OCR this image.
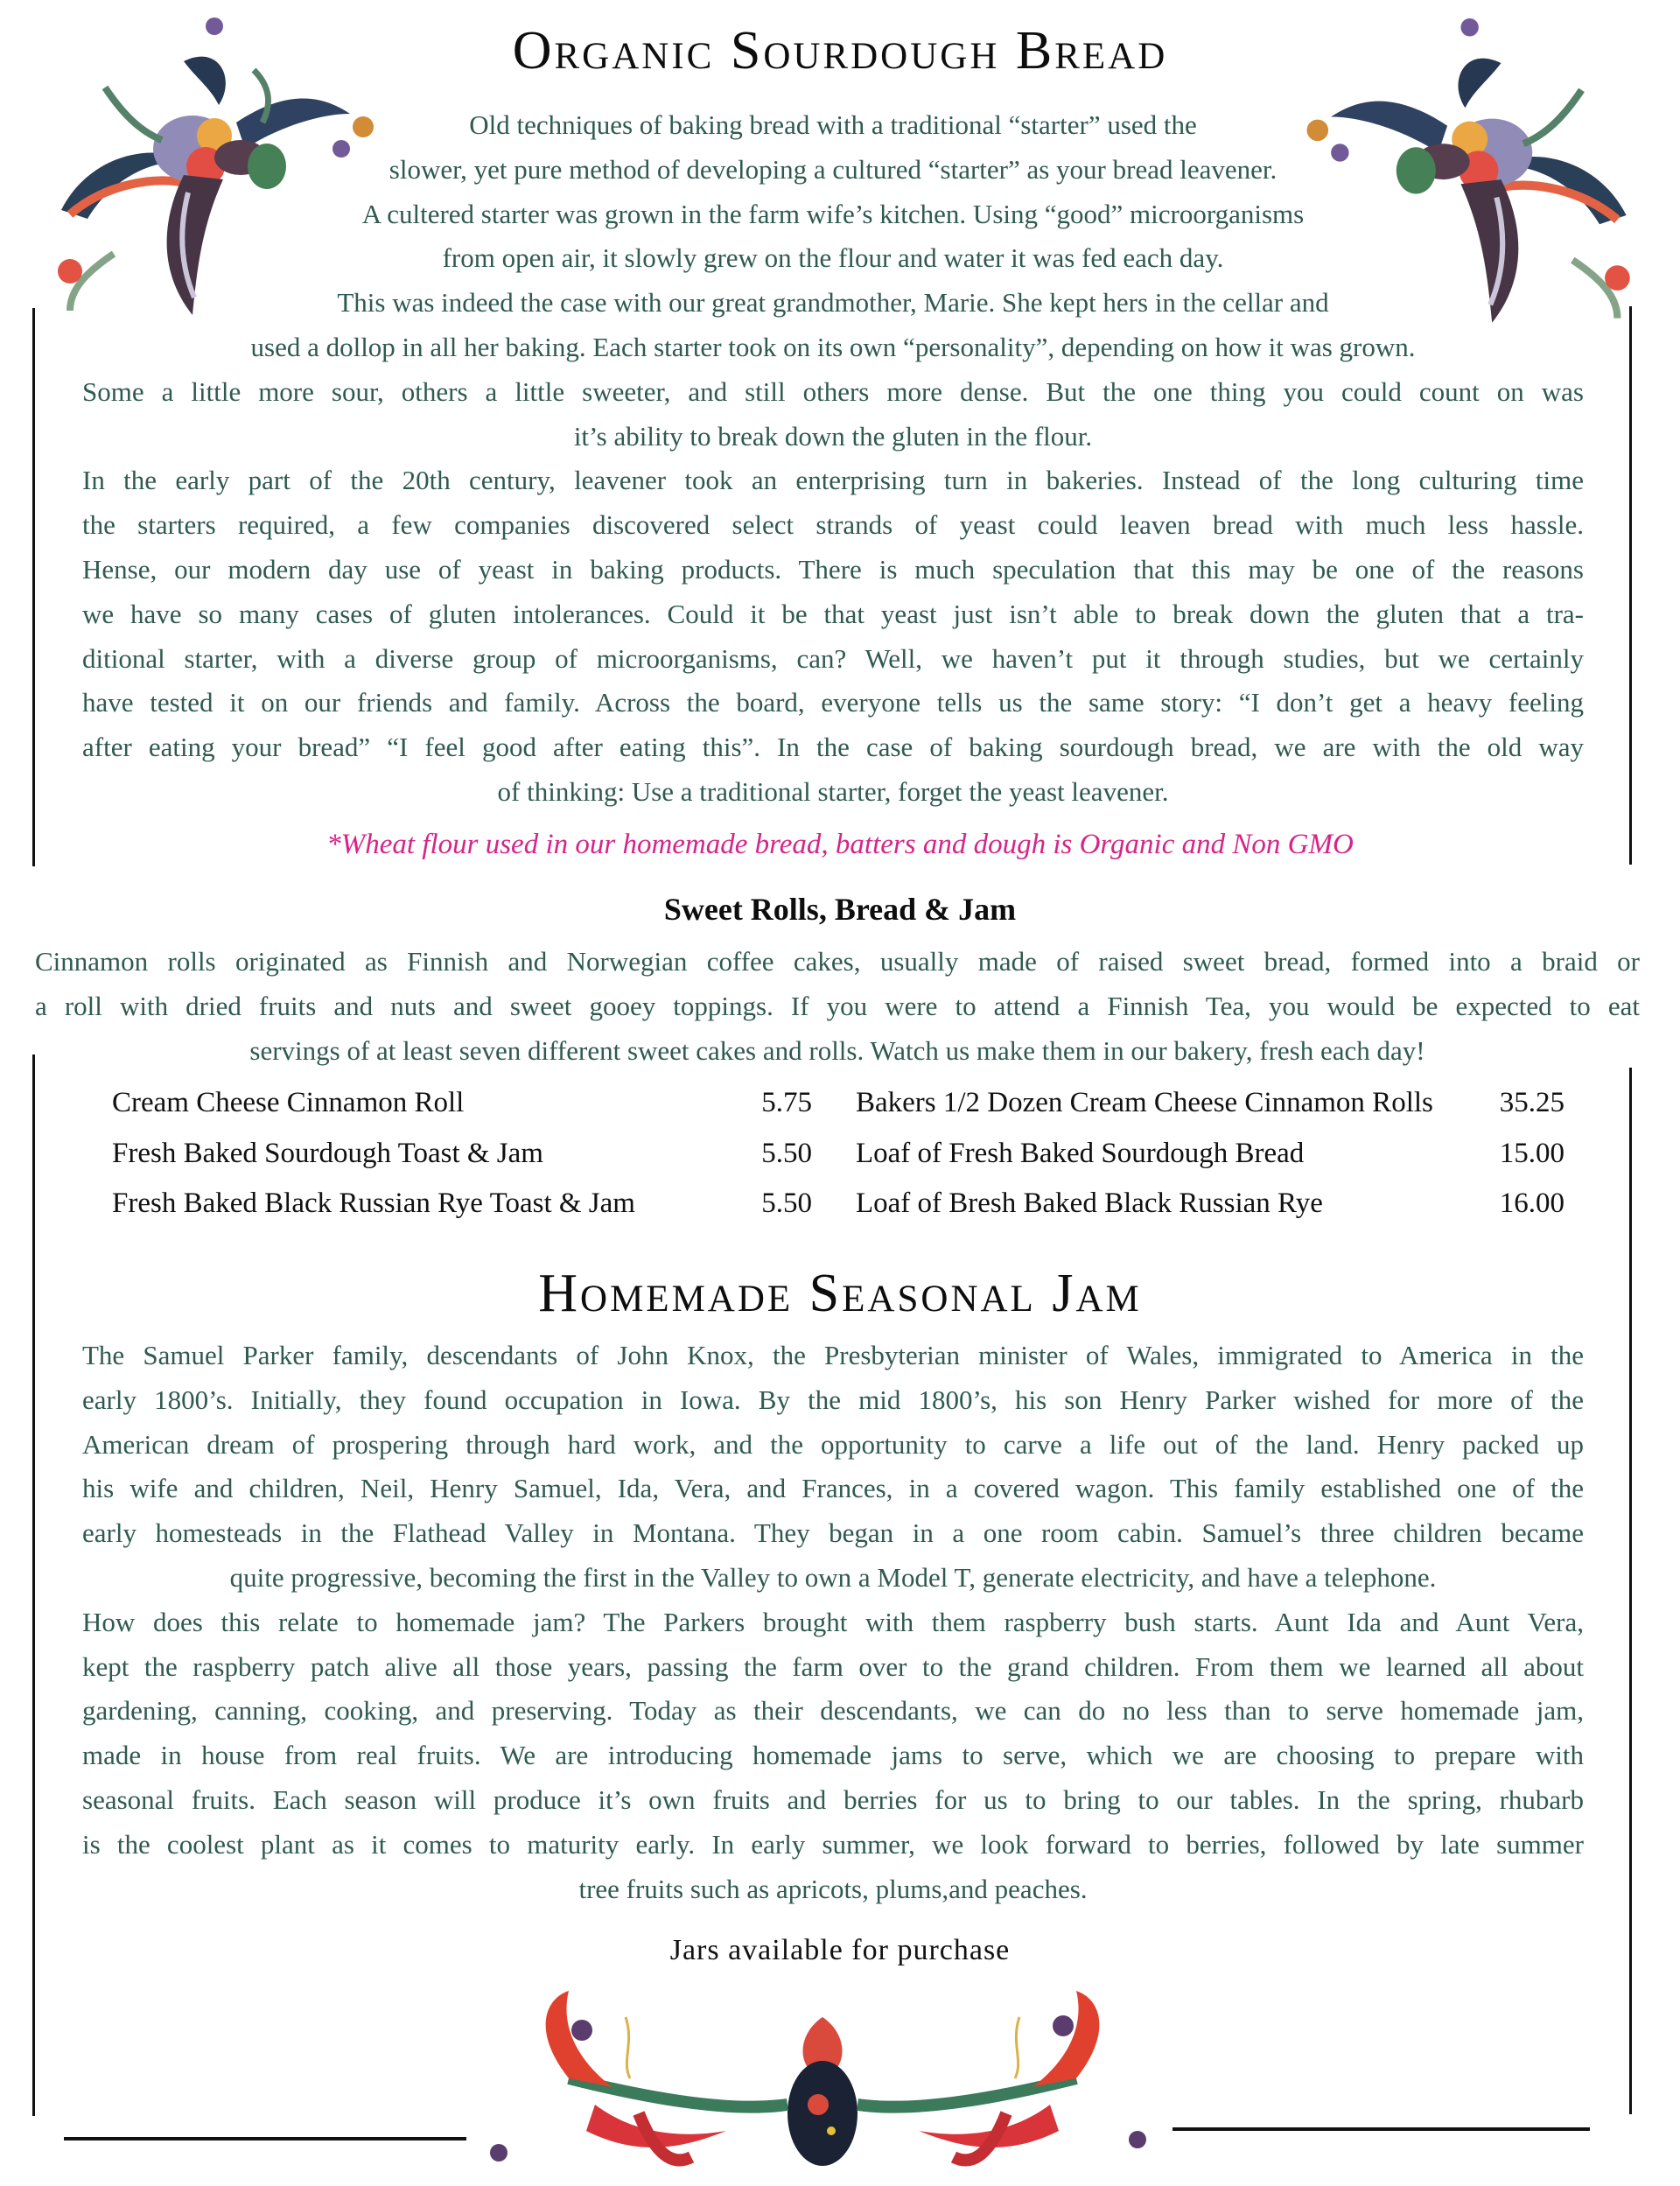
Organic Sourdough Bread
Old techniques of baking bread with a traditional “starter” used the
slower, yet pure method of developing a cultured “starter” as your bread leavener.
A cultered starter was grown in the farm wife’s kitchen. Using “good” microorganisms
from open air, it slowly grew on the flour and water it was fed each day.
This was indeed the case with our great grandmother, Marie. She kept hers in the cellar and
used a dollop in all her baking. Each starter took on its own “personality”, depending on how it was grown.
Some a little more sour, others a little sweeter, and still others more dense. But the one thing you could count on was
it’s ability to break down the gluten in the flour.
In the early part of the 20th century, leavener took an enterprising turn in bakeries. Instead of the long culturing time
the starters required, a few companies discovered select strands of yeast could leaven bread with much less hassle.
Hense, our modern day use of yeast in baking products. There is much speculation that this may be one of the reasons
we have so many cases of gluten intolerances. Could it be that yeast just isn’t able to break down the gluten that a tra-
ditional starter, with a diverse group of microorganisms, can? Well, we haven’t put it through studies, but we certainly
have tested it on our friends and family. Across the board, everyone tells us the same story: “I don’t get a heavy feeling
after eating your bread” “I feel good after eating this”. In the case of baking sourdough bread, we are with the old way
of thinking: Use a traditional starter, forget the yeast leavener.
*Wheat flour used in our homemade bread, batters and dough is Organic and Non GMO
Sweet Rolls, Bread & Jam
Cinnamon rolls originated as Finnish and Norwegian coffee cakes, usually made of raised sweet bread, formed into a braid or
a roll with dried fruits and nuts and sweet gooey toppings. If you were to attend a Finnish Tea, you would be expected to eat
servings of at least seven different sweet cakes and rolls. Watch us make them in our bakery, fresh each day!
Cream Cheese Cinnamon Roll	5.75 Bakers 1/2 Dozen Cream Cheese Cinnamon Rolls	35.25
Fresh Baked Sourdough Toast & Jam	5.50 Loaf of Fresh Baked Sourdough Bread	15.00
Fresh Baked Black Russian Rye Toast & Jam	5.50 Loaf of Bresh Baked Black Russian Rye	16.00
Homemade Seasonal Jam
The Samuel Parker family, descendants of John Knox, the Presbyterian minister of Wales, immigrated to America in the
early 1800’s. Initially, they found occupation in Iowa. By the mid 1800’s, his son Henry Parker wished for more of the
American dream of prospering through hard work, and the opportunity to carve a life out of the land. Henry packed up
his wife and children, Neil, Henry Samuel, Ida, Vera, and Frances, in a covered wagon. This family established one of the
early homesteads in the Flathead Valley in Montana. They began in a one room cabin. Samuel’s three children became
quite progressive, becoming the first in the Valley to own a Model T, generate electricity, and have a telephone.
How does this relate to homemade jam? The Parkers brought with them raspberry bush starts. Aunt Ida and Aunt Vera,
kept the raspberry patch alive all those years, passing the farm over to the grand children. From them we learned all about
gardening, canning, cooking, and preserving. Today as their descendants, we can do no less than to serve homemade jam,
made in house from real fruits. We are introducing homemade jams to serve, which we are choosing to prepare with
seasonal fruits. Each season will produce it’s own fruits and berries for us to bring to our tables. In the spring, rhubarb
is the coolest plant as it comes to maturity early. In early summer, we look forward to berries, followed by late summer
tree fruits such as apricots, plums,and peaches.
Jars available for purchase
